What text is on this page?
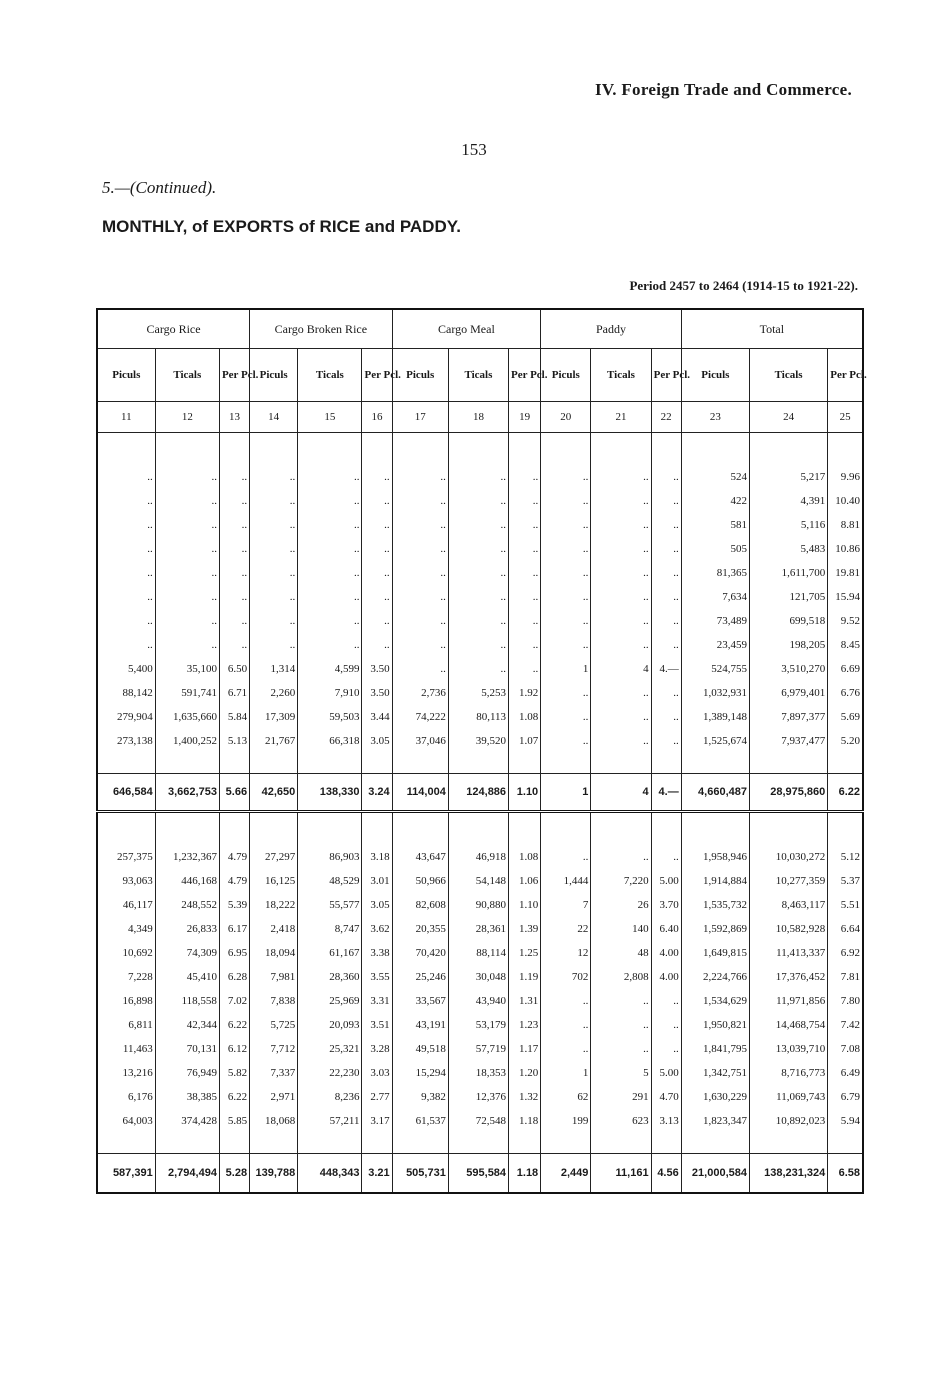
IV. Foreign Trade and Commerce.
153
5.—(Continued).
MONTHLY, of EXPORTS of RICE and PADDY.
Period 2457 to 2464 (1914-15 to 1921-22).
Cargo Rice			Cargo Broken Rice			Cargo Meal			Paddy			Total		
Piculs	Ticals	Per Pcl.	Piculs	Ticals	Per Pcl.	Piculs	Ticals	Per Pcl.	Piculs	Ticals	Per Pcl.	Piculs	Ticals	Per Pcl.
11	12	13	14	15	16	17	18	19	20	21	22	23	24	25

..	..	..	..	..	..	..	..	..	..	..	..	524	5,217	9.96
..	..	..	..	..	..	..	..	..	..	..	..	422	4,391	10.40
..	..	..	..	..	..	..	..	..	..	..	..	581	5,116	8.81
..	..	..	..	..	..	..	..	..	..	..	..	505	5,483	10.86
..	..	..	..	..	..	..	..	..	..	..	..	81,365	1,611,700	19.81
..	..	..	..	..	..	..	..	..	..	..	..	7,634	121,705	15.94
..	..	..	..	..	..	..	..	..	..	..	..	73,489	699,518	9.52
..	..	..	..	..	..	..	..	..	..	..	..	23,459	198,205	8.45
5,400	35,100	6.50	1,314	4,599	3.50	..	..	..	1	4	4.—	524,755	3,510,270	6.69
88,142	591,741	6.71	2,260	7,910	3.50	2,736	5,253	1.92	..	..	..	1,032,931	6,979,401	6.76
279,904	1,635,660	5.84	17,309	59,503	3.44	74,222	80,113	1.08	..	..	..	1,389,148	7,897,377	5.69
273,138	1,400,252	5.13	21,767	66,318	3.05	37,046	39,520	1.07	..	..	..	1,525,674	7,937,477	5.20

646,584	3,662,753	5.66	42,650	138,330	3.24	114,004	124,886	1.10	1	4	4.—	4,660,487	28,975,860	6.22

257,375	1,232,367	4.79	27,297	86,903	3.18	43,647	46,918	1.08	..	..	..	1,958,946	10,030,272	5.12
93,063	446,168	4.79	16,125	48,529	3.01	50,966	54,148	1.06	1,444	7,220	5.00	1,914,884	10,277,359	5.37
46,117	248,552	5.39	18,222	55,577	3.05	82,608	90,880	1.10	7	26	3.70	1,535,732	8,463,117	5.51
4,349	26,833	6.17	2,418	8,747	3.62	20,355	28,361	1.39	22	140	6.40	1,592,869	10,582,928	6.64
10,692	74,309	6.95	18,094	61,167	3.38	70,420	88,114	1.25	12	48	4.00	1,649,815	11,413,337	6.92
7,228	45,410	6.28	7,981	28,360	3.55	25,246	30,048	1.19	702	2,808	4.00	2,224,766	17,376,452	7.81
16,898	118,558	7.02	7,838	25,969	3.31	33,567	43,940	1.31	..	..	..	1,534,629	11,971,856	7.80
6,811	42,344	6.22	5,725	20,093	3.51	43,191	53,179	1.23	..	..	..	1,950,821	14,468,754	7.42
11,463	70,131	6.12	7,712	25,321	3.28	49,518	57,719	1.17	..	..	..	1,841,795	13,039,710	7.08
13,216	76,949	5.82	7,337	22,230	3.03	15,294	18,353	1.20	1	5	5.00	1,342,751	8,716,773	6.49
6,176	38,385	6.22	2,971	8,236	2.77	9,382	12,376	1.32	62	291	4.70	1,630,229	11,069,743	6.79
64,003	374,428	5.85	18,068	57,211	3.17	61,537	72,548	1.18	199	623	3.13	1,823,347	10,892,023	5.94

587,391	2,794,494	5.28	139,788	448,343	3.21	505,731	595,584	1.18	2,449	11,161	4.56	21,000,584	138,231,324	6.58
